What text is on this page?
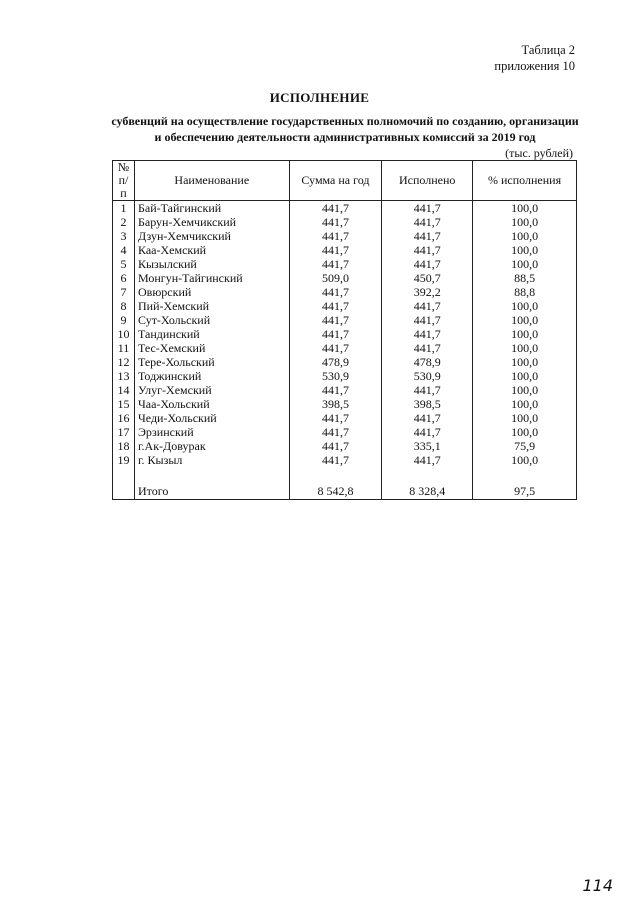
Таблица 2
приложения 10
ИСПОЛНЕНИЕ
субвенций на осуществление государственных полномочий по созданию, организации
и обеспечению деятельности административных комиссий за 2019 год
(тыс. рублей)
№
п/п	Наименование	Сумма на год	Исполнено	% исполнения
1	Бай-Тайгинский	441,7	441,7	100,0
2	Барун-Хемчикский	441,7	441,7	100,0
3	Дзун-Хемчикский	441,7	441,7	100,0
4	Каа-Хемский	441,7	441,7	100,0
5	Кызылский	441,7	441,7	100,0
6	Монгун-Тайгинский	509,0	450,7	88,5
7	Овюрский	441,7	392,2	88,8
8	Пий-Хемский	441,7	441,7	100,0
9	Сут-Хольский	441,7	441,7	100,0
10	Тандинский	441,7	441,7	100,0
11	Тес-Хемский	441,7	441,7	100,0
12	Тере-Хольский	478,9	478,9	100,0
13	Тоджинский	530,9	530,9	100,0
14	Улуг-Хемский	441,7	441,7	100,0
15	Чаа-Хольский	398,5	398,5	100,0
16	Чеди-Хольский	441,7	441,7	100,0
17	Эрзинский	441,7	441,7	100,0
18	г.Ак-Довурак	441,7	335,1	75,9
19	г. Кызыл	441,7	441,7	100,0

	Итого	8 542,8	8 328,4	97,5
114
